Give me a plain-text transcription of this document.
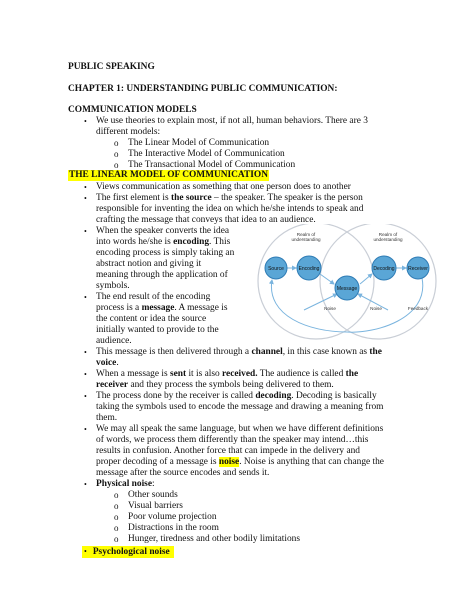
PUBLIC SPEAKING
CHAPTER 1: UNDERSTANDING PUBLIC COMMUNICATION:
COMMUNICATION MODELS
• We use theories to explain most, if not all, human behaviors. There are 3
different models:
o The Linear Model of Communication
o The Interactive Model of Communication
o The Transactional Model of Communication
THE LINEAR MODEL OF COMMUNICATION
• Views communication as something that one person does to another
• The first element is the source – the speaker. The speaker is the person
responsible for inventing the idea on which he/she intends to speak and
crafting the message that conveys that idea to an audience.
• When the speaker converts the idea
into words he/she is encoding. This
encoding process is simply taking an
abstract notion and giving it
meaning through the application of
symbols.
• The end result of the encoding
process is a message. A message is
the content or idea the source
initially wanted to provide to the
audience.
• This message is then delivered through a channel, in this case known as the
voice.
• When a message is sent it is also received. The audience is called the
receiver and they process the symbols being delivered to them.
• The process done by the receiver is called decoding. Decoding is basically
taking the symbols used to encode the message and drawing a meaning from
them.
• We may all speak the same language, but when we have different definitions
of words, we process them differently than the speaker may intend…this
results in confusion. Another force that can impede in the delivery and
proper decoding of a message is noise. Noise is anything that can change the
message after the source encodes and sends it.
• Physical noise:
o Other sounds
o Visual barriers
o Poor volume projection
o Distractions in the room
o Hunger, tiredness and other bodily limitations
• Psychological noise
Realm of
understanding
Realm of
understanding
Source	Encoding
Message
Decoding	Receiver
Noise	Noise	Feedback
